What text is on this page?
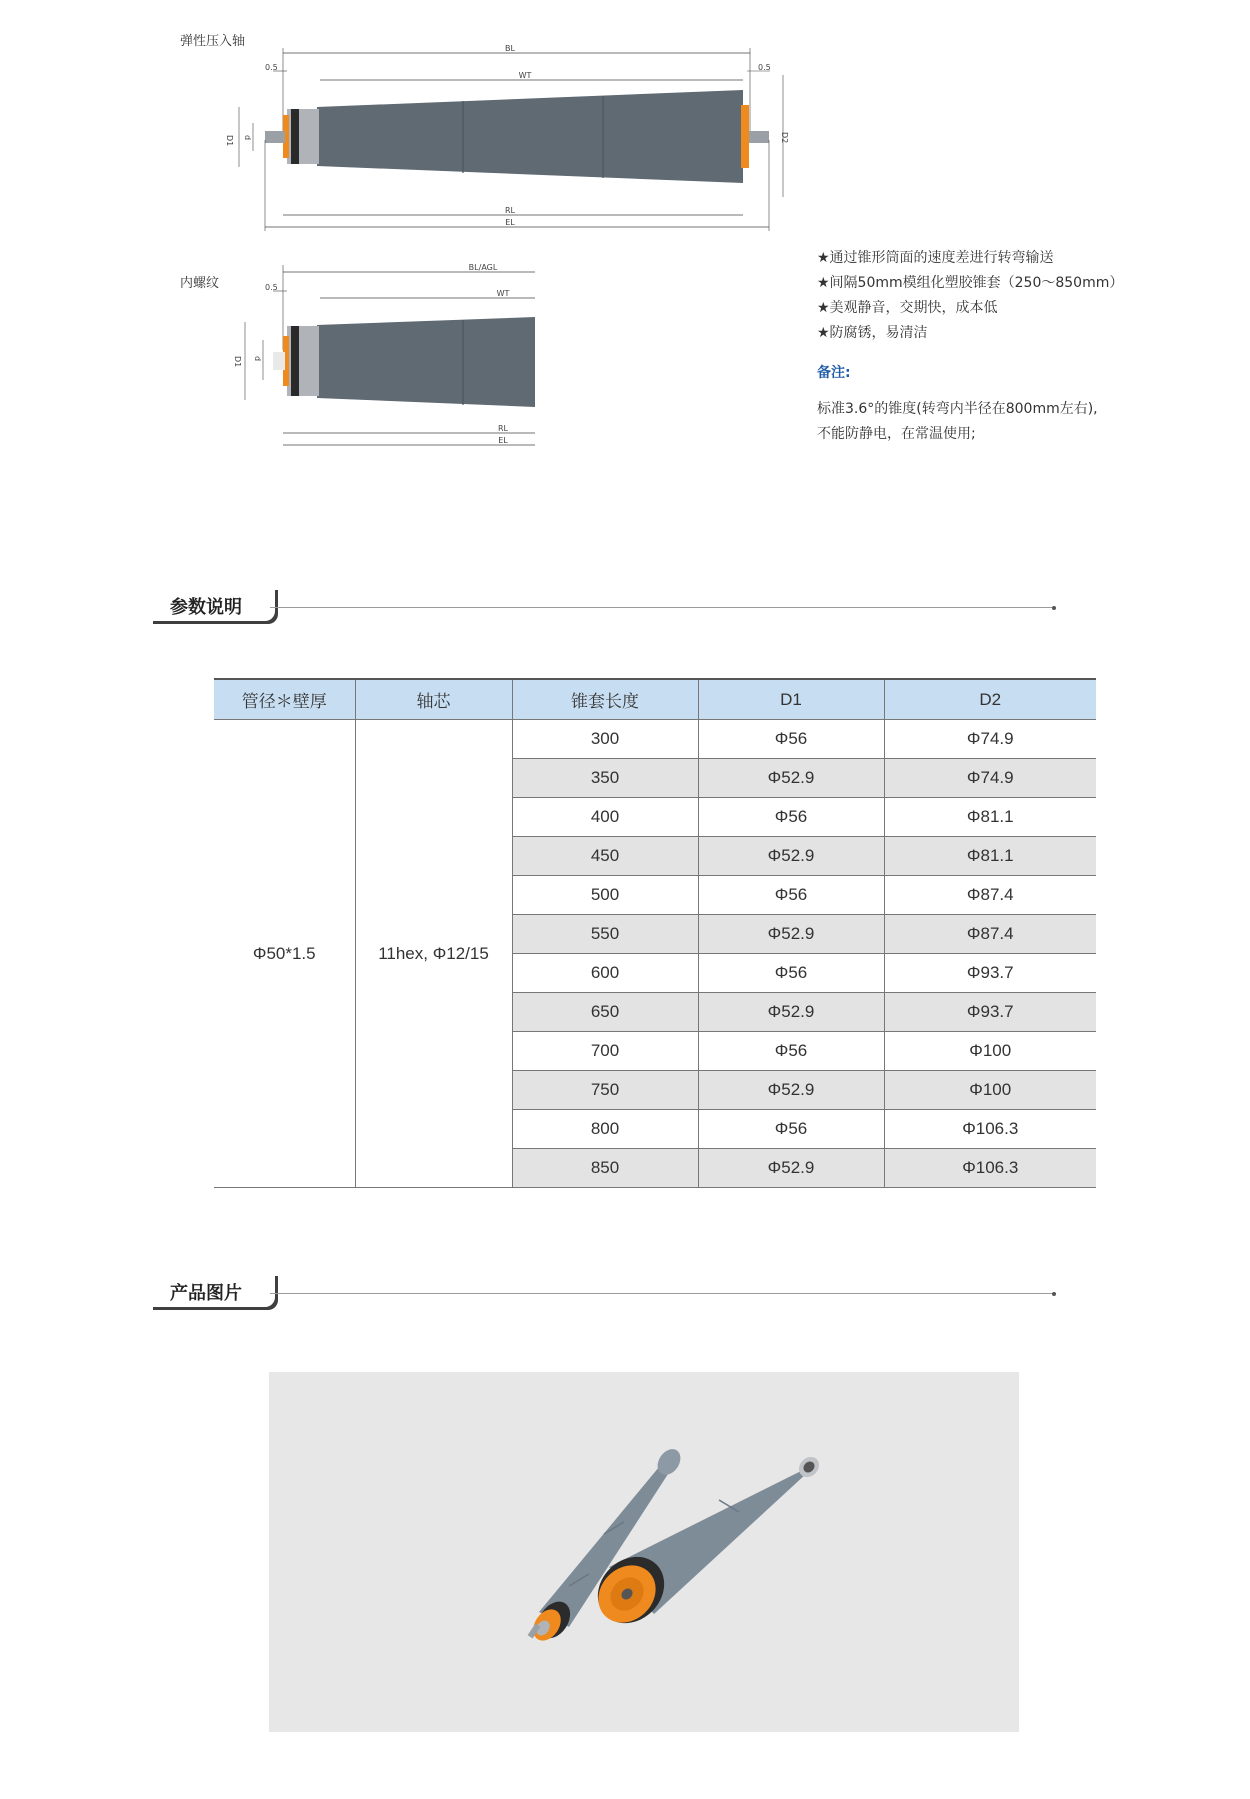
弹性压入轴	BL
WT
0.5	0.5
D1 d	D2
RL
EL
内螺纹
BL/AGL
WT
0.5
D1 d
RL
EL
★通过锥形筒面的速度差进行转弯输送
★间隔50mm模组化塑胶锥套（250～850mm）
★美观静音，交期快，成本低
★防腐锈，易清洁
备注:
标准3.6°的锥度(转弯内半径在800mm左右),
不能防静电，在常温使用;
参数说明
管径＊壁厚	轴芯	锥套长度	D1	D2
Φ50*1.5	11hex, Φ12/15	300	Φ56	Φ74.9
		350	Φ52.9	Φ74.9
		400	Φ56	Φ81.1
		450	Φ52.9	Φ81.1
		500	Φ56	Φ87.4
		550	Φ52.9	Φ87.4
		600	Φ56	Φ93.7
		650	Φ52.9	Φ93.7
		700	Φ56	Φ100
		750	Φ52.9	Φ100
		800	Φ56	Φ106.3
		850	Φ52.9	Φ106.3
产品图片
